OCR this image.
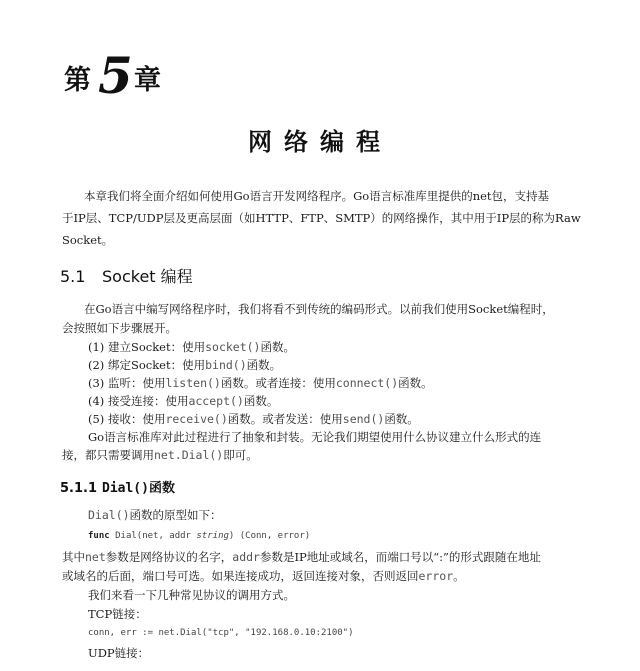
第 5 章
网络编程
本章我们将全面介绍如何使用Go语言开发网络程序。Go语言标准库里提供的net包，支持基
于IP层、TCP/UDP层及更高层面（如HTTP、FTP、SMTP）的网络操作，其中用于IP层的称为Raw
Socket。
5.1 Socket 编程
在Go语言中编写网络程序时，我们将看不到传统的编码形式。以前我们使用Socket编程时，
会按照如下步骤展开。
(1) 建立Socket：使用socket()函数。
(2) 绑定Socket：使用bind()函数。
(3) 监听：使用listen()函数。或者连接：使用connect()函数。
(4) 接受连接：使用accept()函数。
(5) 接收：使用receive()函数。或者发送：使用send()函数。
Go语言标准库对此过程进行了抽象和封装。无论我们期望使用什么协议建立什么形式的连
接，都只需要调用net.Dial()即可。
5.1.1 Dial()函数
Dial()函数的原型如下：
func Dial(net, addr string) (Conn, error)
其中net参数是网络协议的名字，addr参数是IP地址或域名，而端口号以“:”的形式跟随在地址
或域名的后面，端口号可选。如果连接成功，返回连接对象，否则返回error。
我们来看一下几种常见协议的调用方式。
TCP链接：
conn, err := net.Dial("tcp", "192.168.0.10:2100")
UDP链接：
